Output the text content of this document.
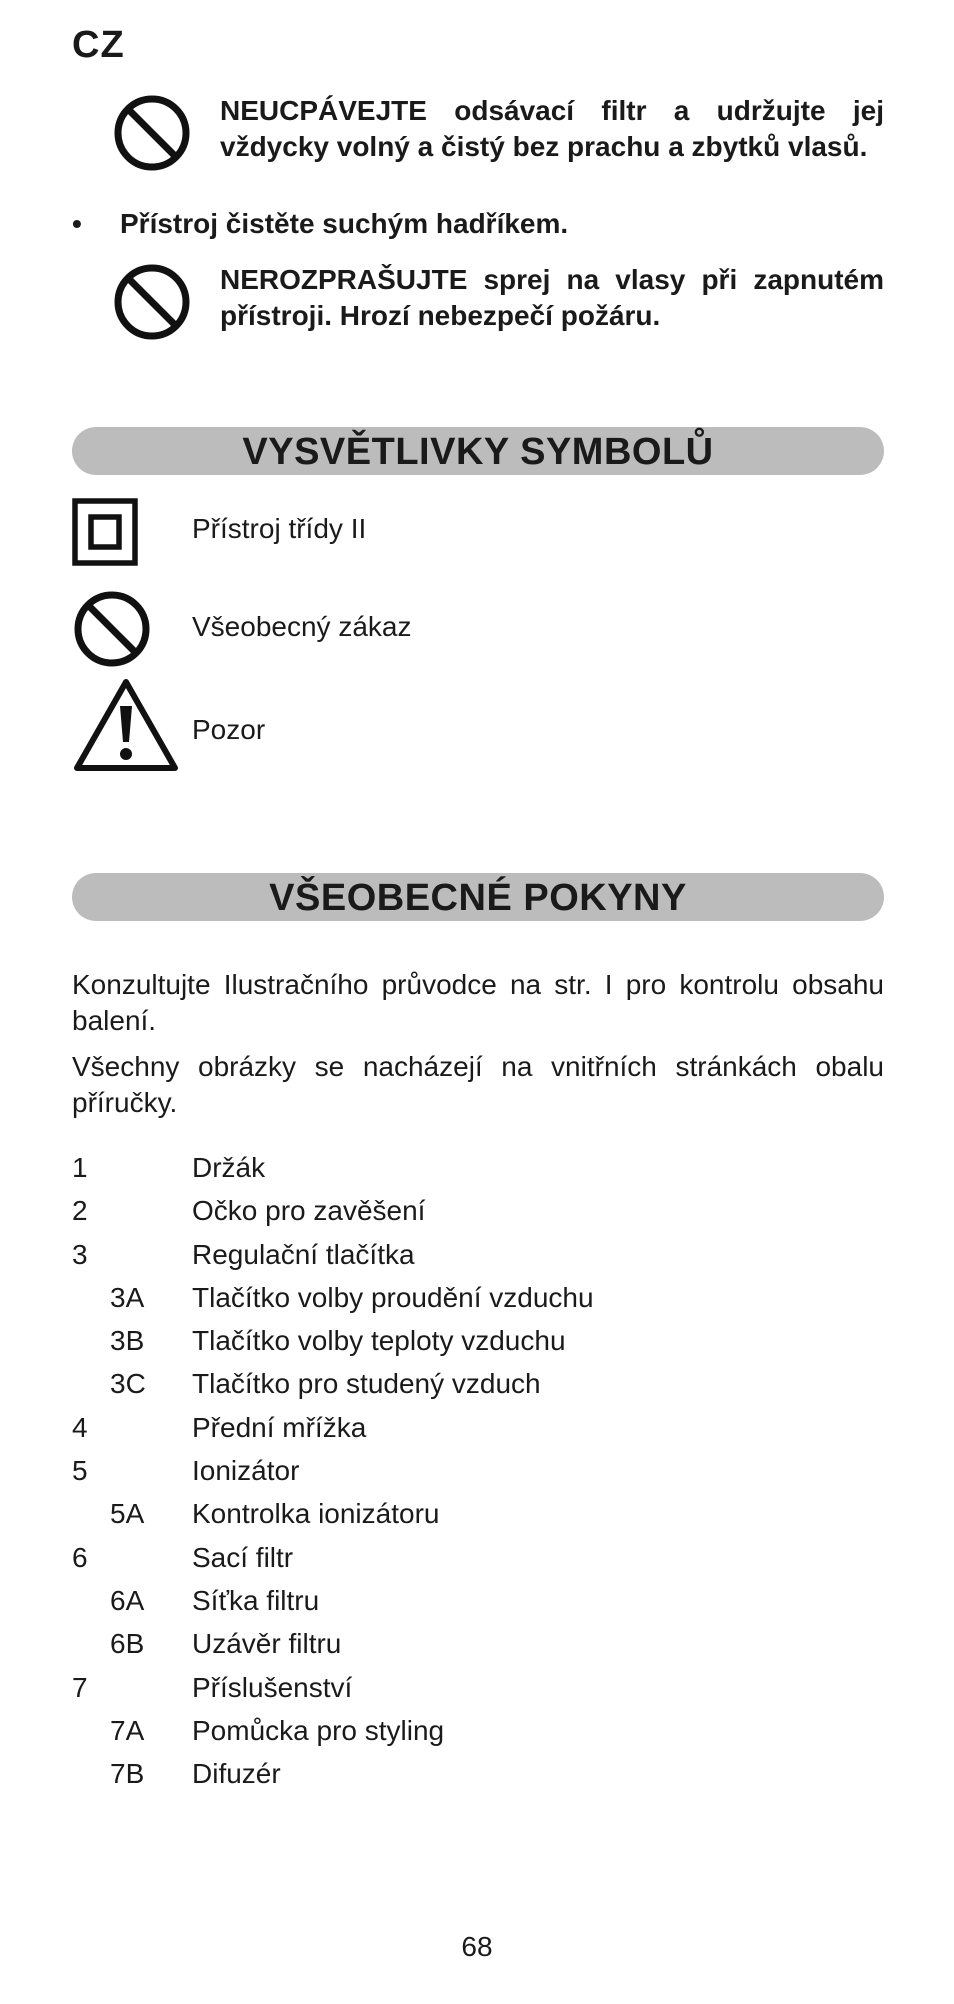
CZ
NEUCPÁVEJTE odsávací filtr a udržujte jej vždycky volný a čistý bez prachu a zbytků vlasů.
• Přístroj čistěte suchým hadříkem.
NEROZPRAŠUJTE sprej na vlasy při zapnutém přístroji. Hrozí nebezpečí požáru.
VYSVĚTLIVKY SYMBOLŮ
Přístroj třídy II
Všeobecný zákaz
Pozor
VŠEOBECNÉ POKYNY
Konzultujte Ilustračního průvodce na str. I pro kontrolu obsahu balení.
Všechny obrázky se nacházejí na vnitřních stránkách obalu příručky.
1	Držák
2	Očko pro zavěšení
3	Regulační tlačítka
3A Tlačítko volby proudění vzduchu
3B Tlačítko volby teploty vzduchu
3C Tlačítko pro studený vzduch
4	Přední mřížka
5	Ionizátor
5A Kontrolka ionizátoru
6	Sací filtr
6A Síťka filtru
6B Uzávěr filtru
7	Příslušenství
7A Pomůcka pro styling
7B Difuzér
68
